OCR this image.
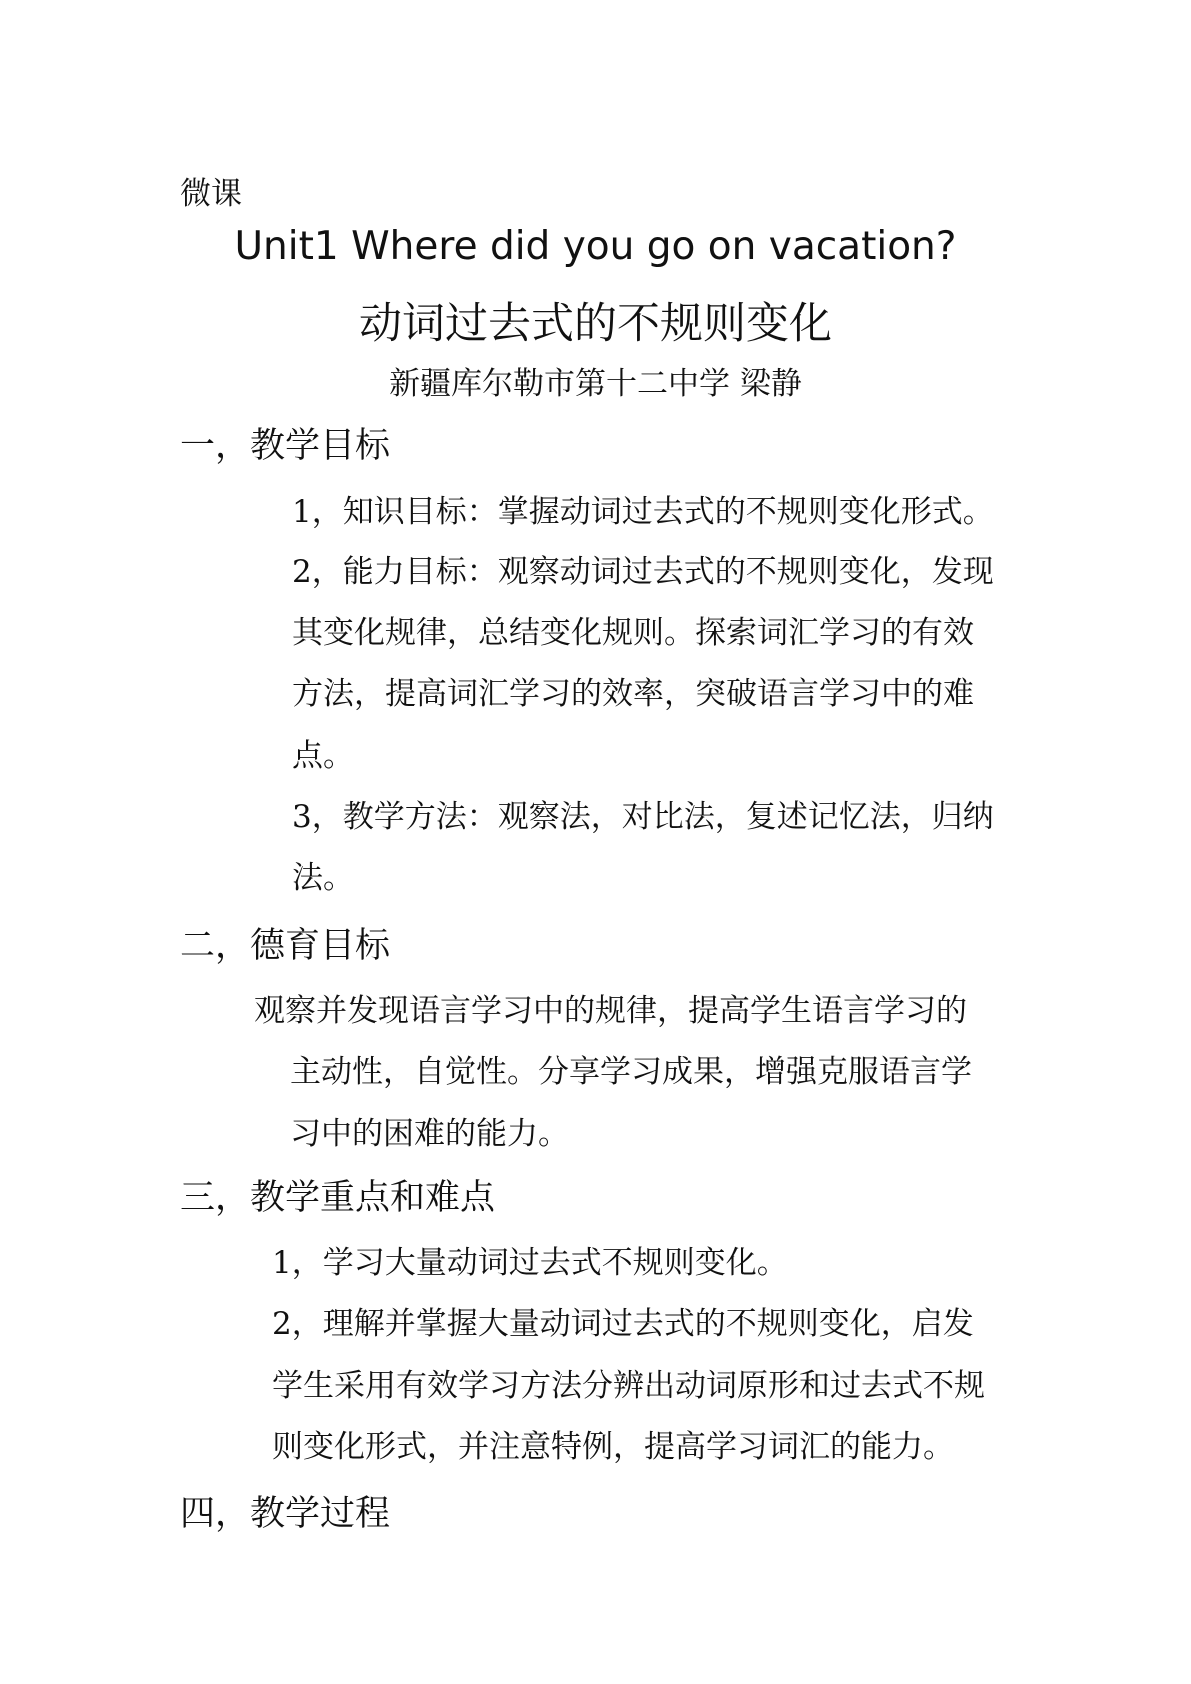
微课
Unit1 Where did you go on vacation?
动词过去式的不规则变化
新疆库尔勒市第十二中学 梁静
一，教学目标
1，知识目标：掌握动词过去式的不规则变化形式。
2，能力目标：观察动词过去式的不规则变化，发现
其变化规律，总结变化规则。探索词汇学习的有效
方法，提高词汇学习的效率，突破语言学习中的难
点。
3，教学方法：观察法，对比法，复述记忆法，归纳
法。
二，德育目标
观察并发现语言学习中的规律，提高学生语言学习的
主动性，自觉性。分享学习成果，增强克服语言学
习中的困难的能力。
三，教学重点和难点
1，学习大量动词过去式不规则变化。
2，理解并掌握大量动词过去式的不规则变化，启发
学生采用有效学习方法分辨出动词原形和过去式不规
则变化形式，并注意特例，提高学习词汇的能力。
四，教学过程
